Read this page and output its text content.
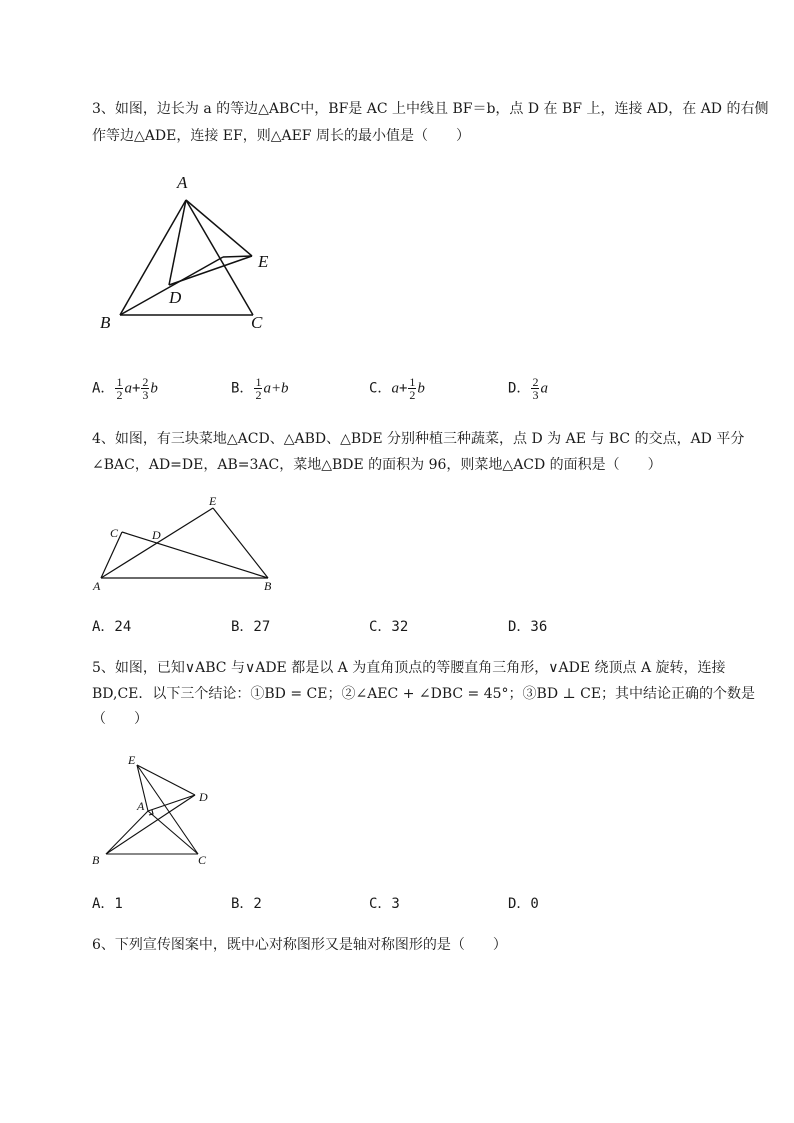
3、如图，边长为 a 的等边△ABC中，BF是 AC 上中线且 BF＝b，点 D 在 BF 上，连接 AD，在 AD 的右侧
作等边△ADE，连接 EF，则△AEF 周长的最小值是（　　）
A
B	C
D
E
A． $\frac{1}{2} a+ \frac{2}{3}$ b	B． $\frac{1}{2} a+b$	C．$a+ \frac{1}{2}$ b	D． $\frac{2}{3}$ a
4、如图，有三块菜地△ACD、△ABD、△BDE 分别种植三种蔬菜，点 D 为 AE 与 BC 的交点，AD 平分
∠BAC，AD=DE，AB=3AC，菜地△BDE 的面积为 96，则菜地△ACD 的面积是（　　）
C	D
E
A	B
A．24	B．27	C．32	D．36
5、如图，已知∨ABC 与∨ADE 都是以 A 为直角顶点的等腰直角三角形，∨ADE 绕顶点 A 旋转，连接
BD,CE．以下三个结论：①BD = CE；②∠AEC + ∠DBC = 45°；③BD ⊥ CE；其中结论正确的个数是
（　　）
E
A
D
B	C
A．1	B．2	C．3	D．0
6、下列宣传图案中，既中心对称图形又是轴对称图形的是（　　）
